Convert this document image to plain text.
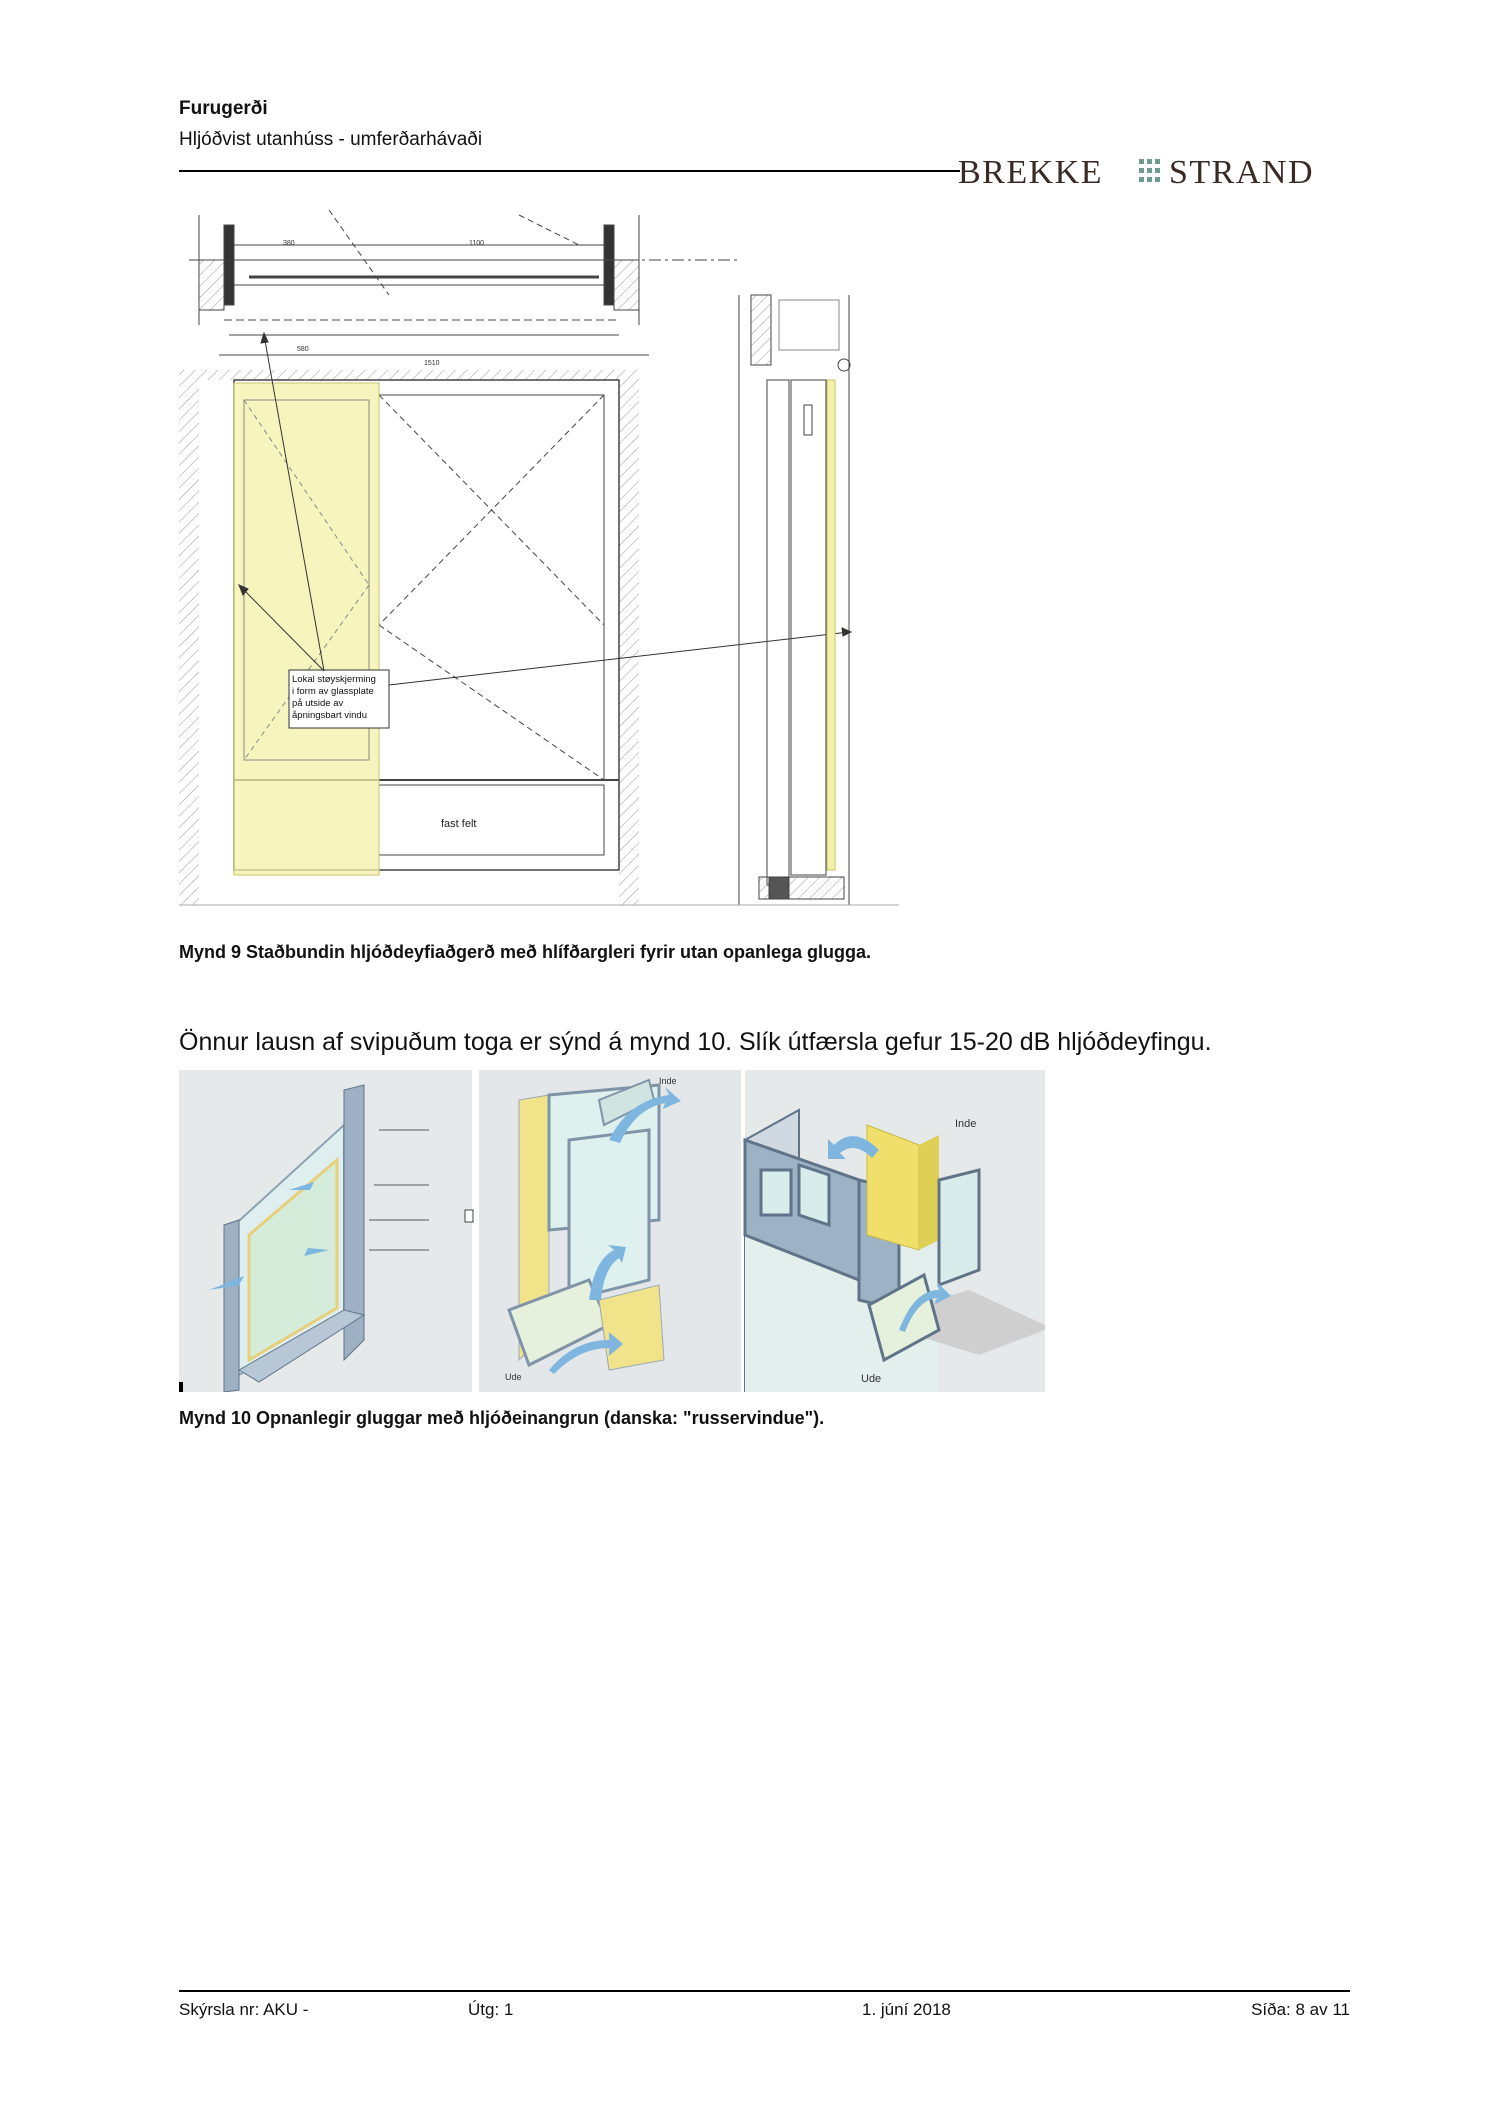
Furugerði
Hljóðvist utanhúss - umferðarhávaði
BREKKE STRAND
380	1100
580
1510
Lokal støyskjerming
i form av glassplate
på utside av
åpningsbart vindu
fast felt
Mynd 9 Staðbundin hljóðdeyfiaðgerð með hlífðargleri fyrir utan opanlega glugga.
Önnur lausn af svipuðum toga er sýnd á mynd 10. Slík útfærsla gefur 15-20 dB hljóðdeyfingu.
Inde
Ude
Inde
Ude
Mynd 10 Opnanlegir gluggar með hljóðeinangrun (danska: "russervindue").
Skýrsla nr: AKU -	Útg: 1	1. júní 2018	Síða: 8 av 11
